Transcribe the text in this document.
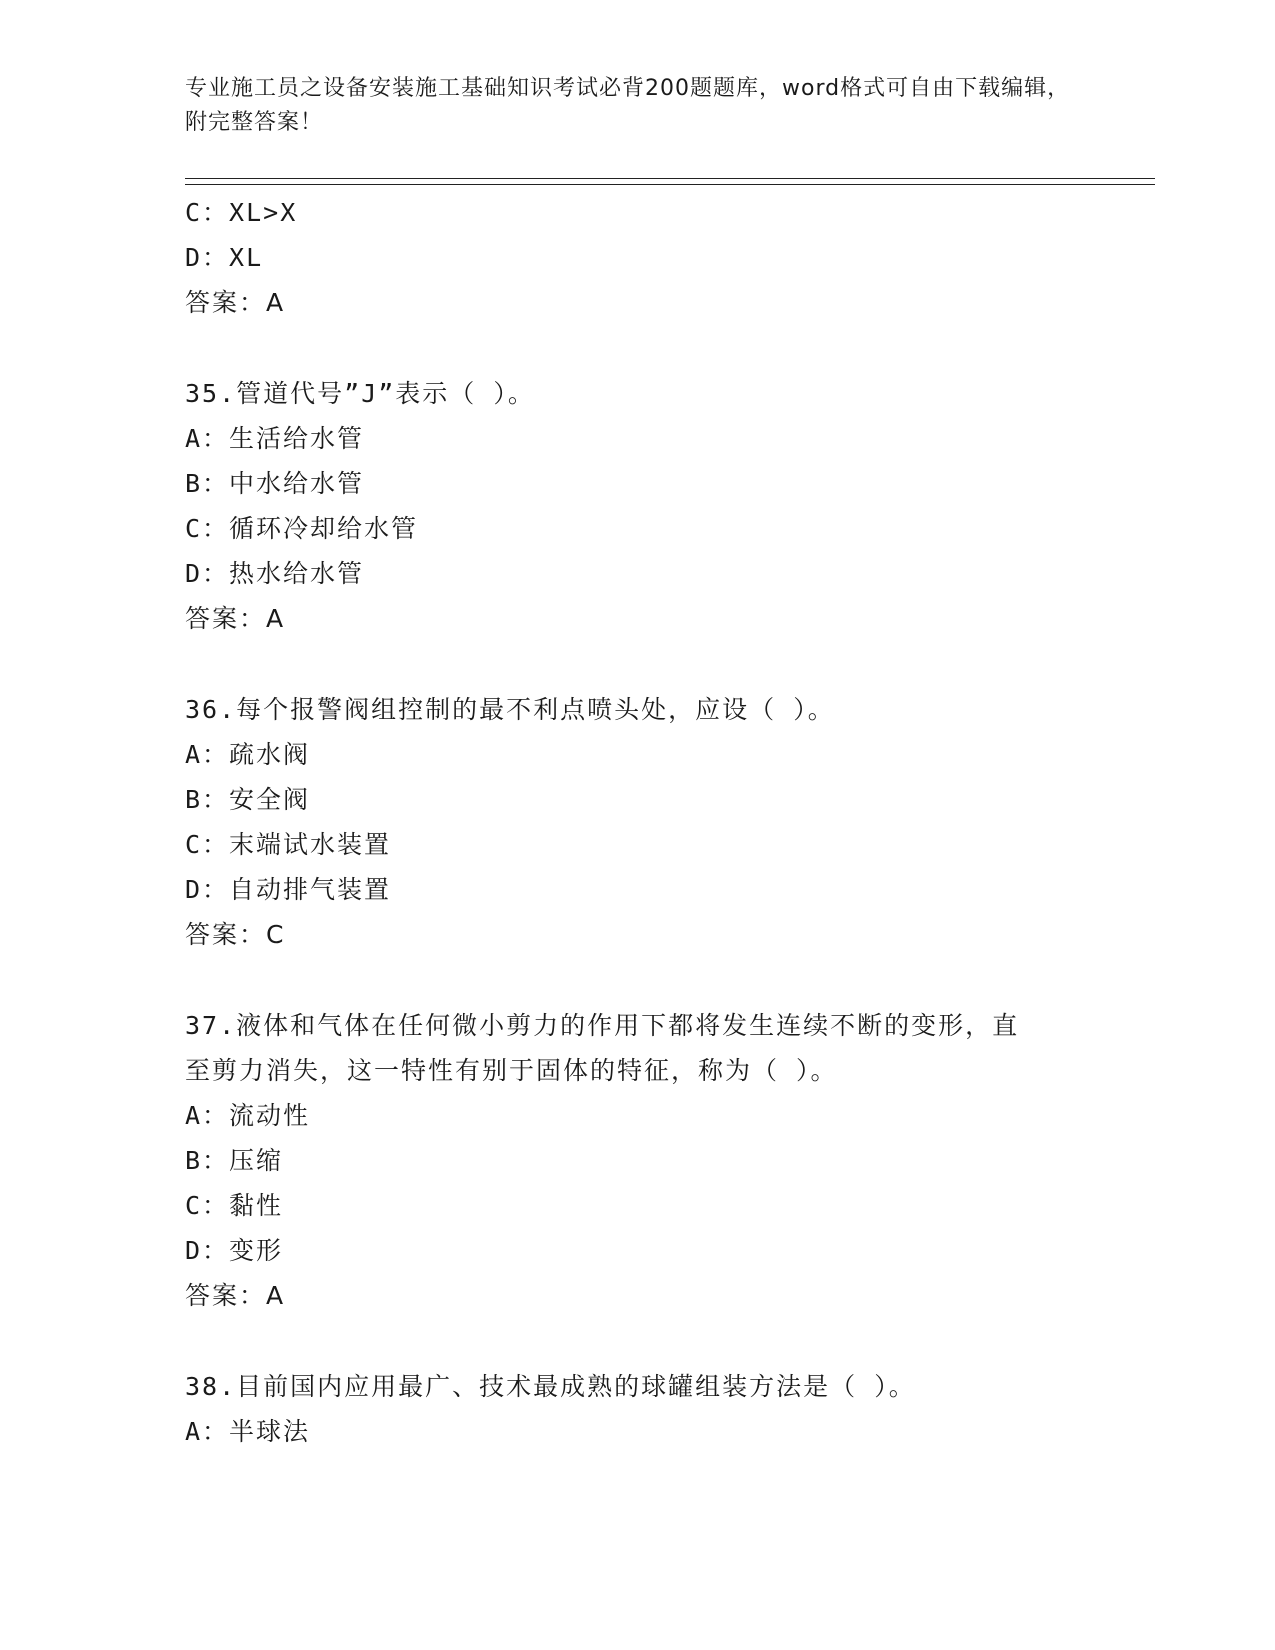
专业施工员之设备安装施工基础知识考试必背200题题库，word格式可自由下载编辑，附完整答案！
C：XL>X
D：XL
答案：A
35.管道代号”J”表示（ ）。
A：生活给水管
B：中水给水管
C：循环冷却给水管
D：热水给水管
答案：A
36.每个报警阀组控制的最不利点喷头处，应设（ ）。
A：疏水阀
B：安全阀
C：末端试水装置
D：自动排气装置
答案：C
37.液体和气体在任何微小剪力的作用下都将发生连续不断的变形，直
至剪力消失，这一特性有别于固体的特征，称为（ ）。
A：流动性
B：压缩
C：黏性
D：变形
答案：A
38.目前国内应用最广、技术最成熟的球罐组装方法是（ ）。
A：半球法
